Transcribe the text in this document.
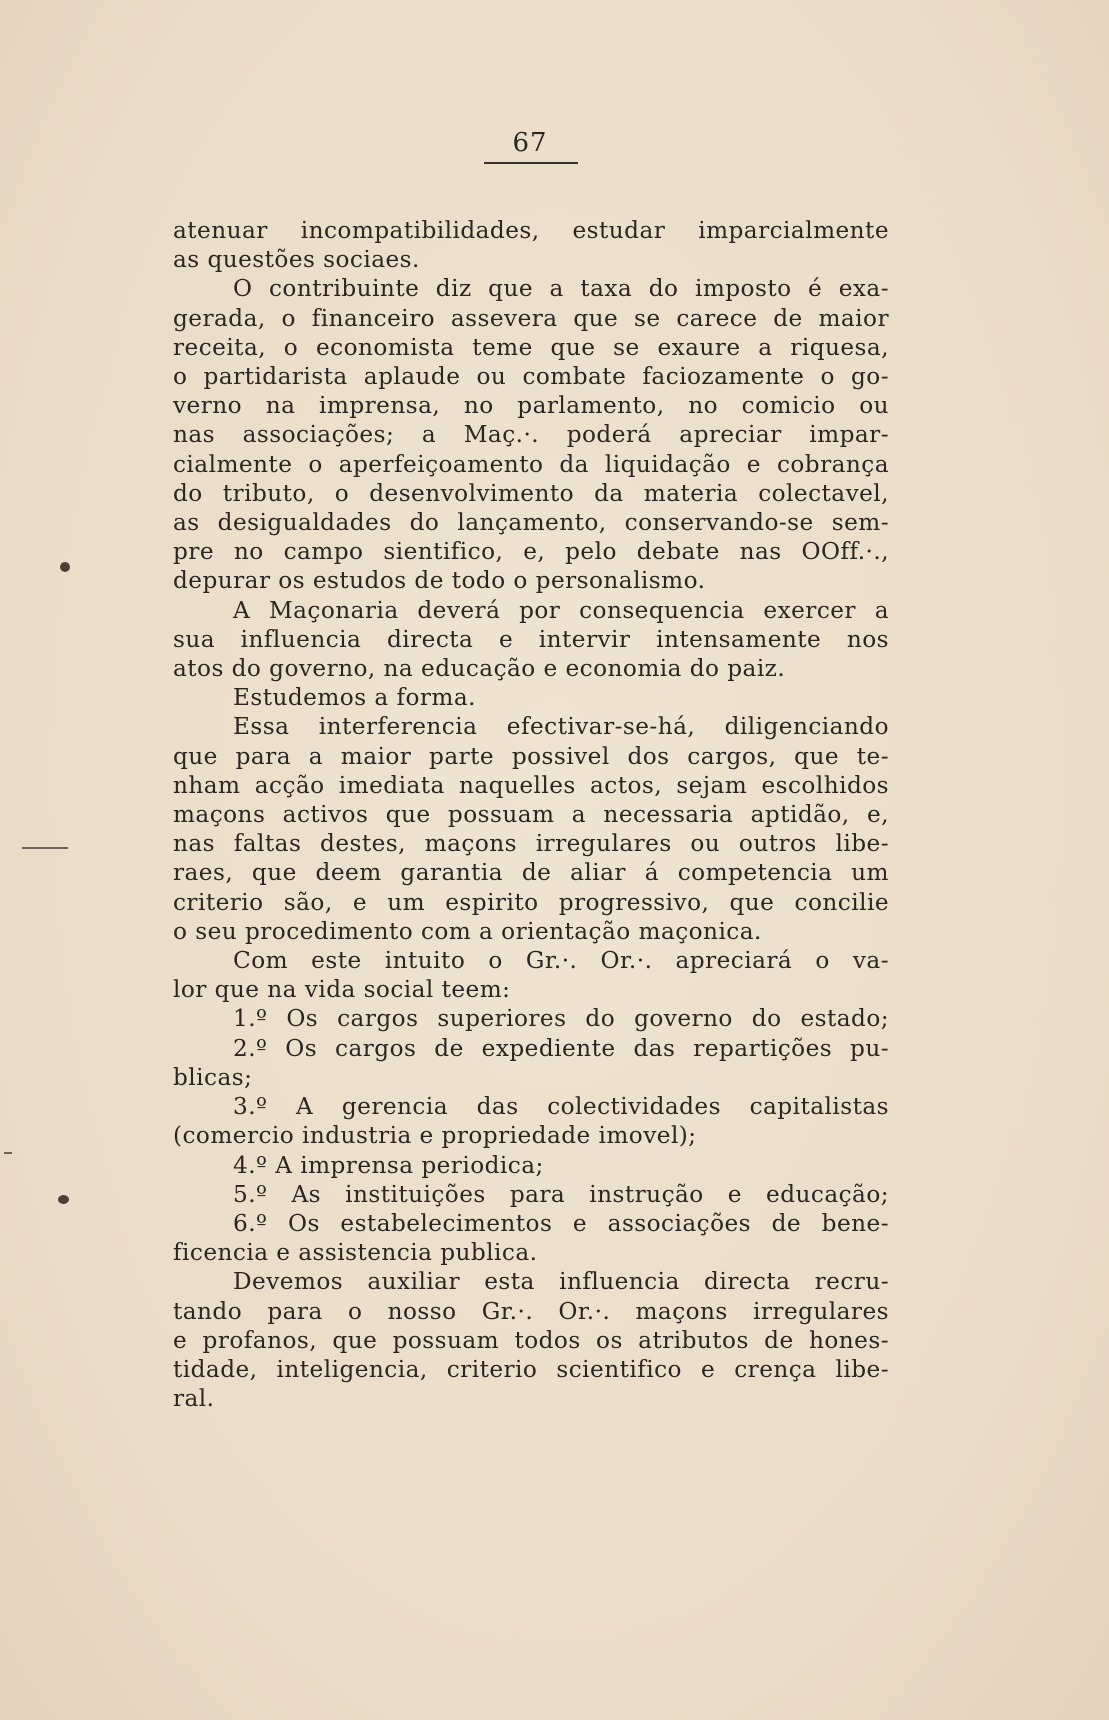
67
atenuar incompatibilidades, estudar imparcialmente
as questões sociaes.
O contribuinte diz que a taxa do imposto é exa-
gerada, o financeiro assevera que se carece de maior
receita, o economista teme que se exaure a riquesa,
o partidarista aplaude ou combate faciozamente o go-
verno na imprensa, no parlamento, no comicio ou
nas associações; a Maç.·. poderá apreciar impar-
cialmente o aperfeiçoamento da liquidação e cobrança
do tributo, o desenvolvimento da materia colectavel,
as desigualdades do lançamento, conservando-se sem-
pre no campo sientifico, e, pelo debate nas OOff.·.,
depurar os estudos de todo o personalismo.
A Maçonaria deverá por consequencia exercer a
sua influencia directa e intervir intensamente nos
atos do governo, na educação e economia do paiz.
Estudemos a forma.
Essa interferencia efectivar-se-há, diligenciando
que para a maior parte possivel dos cargos, que te-
nham acção imediata naquelles actos, sejam escolhidos
maçons activos que possuam a necessaria aptidão, e,
nas faltas destes, maçons irregulares ou outros libe-
raes, que deem garantia de aliar á competencia um
criterio são, e um espirito progressivo, que concilie
o seu procedimento com a orientação maçonica.
Com este intuito o Gr.·. Or.·. apreciará o va-
lor que na vida social teem:
1.º Os cargos superiores do governo do estado;
2.º Os cargos de expediente das repartições pu-
blicas;
3.º A gerencia das colectividades capitalistas
(comercio industria e propriedade imovel);
4.º A imprensa periodica;
5.º As instituições para instrução e educação;
6.º Os estabelecimentos e associações de bene-
ficencia e assistencia publica.
Devemos auxiliar esta influencia directa recru-
tando para o nosso Gr.·. Or.·. maçons irregulares
e profanos, que possuam todos os atributos de hones-
tidade, inteligencia, criterio scientifico e crença libe-
ral.
